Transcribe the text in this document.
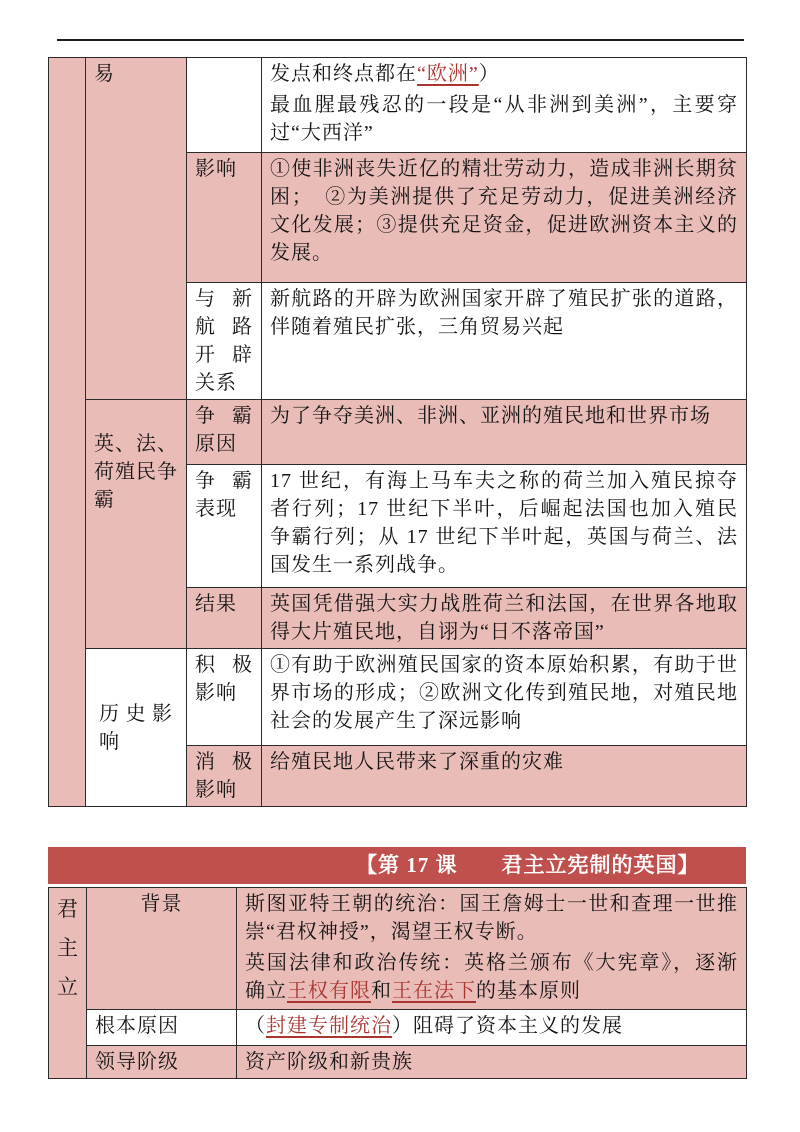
	易		发点和终点都在“欧洲”）

最血腥最残忍的一段是“从非洲到美洲”，主要穿过“大西洋”

		影响	①使非洲丧失近亿的精壮劳动力，造成非洲长期贫困；　②为美洲提供了充足劳动力，促进美洲经济文化发展；③提供充足资金，促进欧洲资本主义的发展。

		与新航路开辟关系	新航路的开辟为欧洲国家开辟了殖民扩张的道路，伴随着殖民扩张，三角贸易兴起

	英、法、荷殖民争霸	争霸原因	为了争夺美洲、非洲、亚洲的殖民地和世界市场

		争霸表现	17 世纪，有海上马车夫之称的荷兰加入殖民掠夺者行列；17 世纪下半叶，后崛起法国也加入殖民争霸行列；从 17 世纪下半叶起，英国与荷兰、法国发生一系列战争。

		结果	英国凭借强大实力战胜荷兰和法国，在世界各地取得大片殖民地，自诩为“日不落帝国”

	历史影响	积极影响	①有助于欧洲殖民国家的资本原始积累，有助于世界市场的形成；②欧洲文化传到殖民地，对殖民地社会的发展产生了深远影响

		消极影响	给殖民地人民带来了深重的灾难

【第 17 课　　君主立宪制的英国】
君
主
立
	背景	斯图亚特王朝的统治：国王詹姆士一世和查理一世推崇“君权神授”，渴望王权专断。

英国法律和政治传统：英格兰颁布《大宪章》，逐渐确立王权有限和王在法下的基本原则

	根本原因	（封建专制统治）阻碍了资本主义的发展

	领导阶级	资产阶级和新贵族
